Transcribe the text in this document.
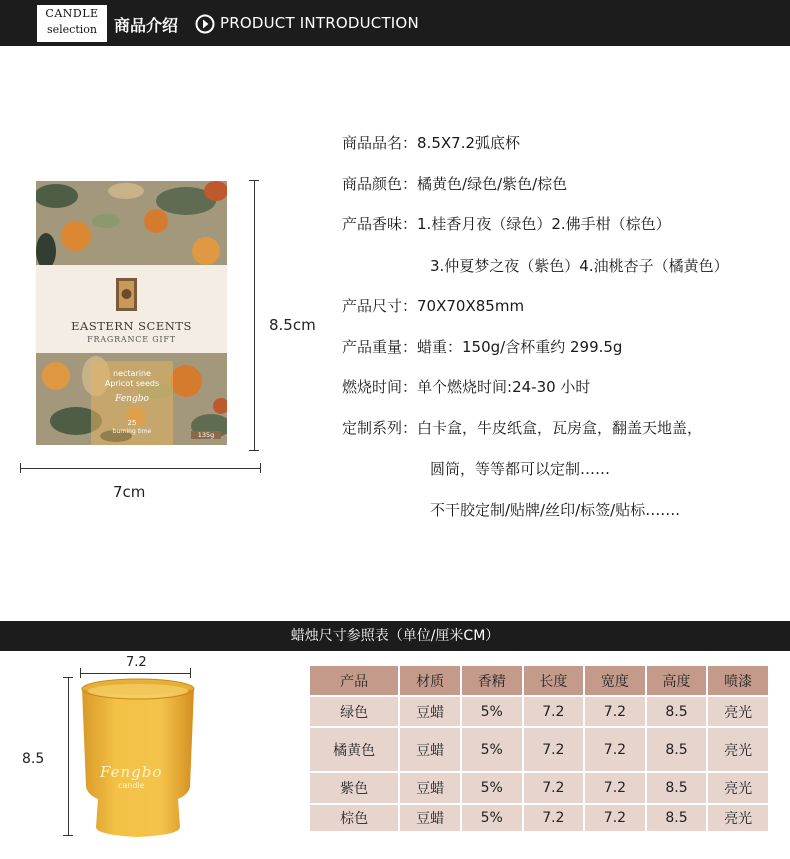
CANDLE
selection	商品介绍	PRODUCT INTRODUCTION
EASTERN SCENTS
FRAGRANCE GIFT
nectarine
Apricot seeds
Fengbo
25
burning time	135g
8.5cm
7cm
商品品名：8.5X7.2弧底杯
商品颜色：橘黄色/绿色/紫色/棕色
产品香味：1.桂香月夜（绿色）2.佛手柑（棕色）
3.仲夏梦之夜（紫色）4.油桃杏子（橘黄色）
产品尺寸：70X70X85mm
产品重量：蜡重：150g/含杯重约 299.5g
燃烧时间：单个燃烧时间:24-30 小时
定制系列：白卡盒，牛皮纸盒，瓦房盒，翻盖天地盖，
圆筒，等等都可以定制……
不干胶定制/贴牌/丝印/标签/贴标…….
蜡烛尺寸参照表（单位/厘米CM）
7.2
8.5
Fengbo
candle
产品	材质	香精	长度	宽度	高度	喷漆
绿色	豆蜡	5%	7.2	7.2	8.5	亮光
橘黄色	豆蜡	5%	7.2	7.2	8.5	亮光
紫色	豆蜡	5%	7.2	7.2	8.5	亮光
棕色	豆蜡	5%	7.2	7.2	8.5	亮光
